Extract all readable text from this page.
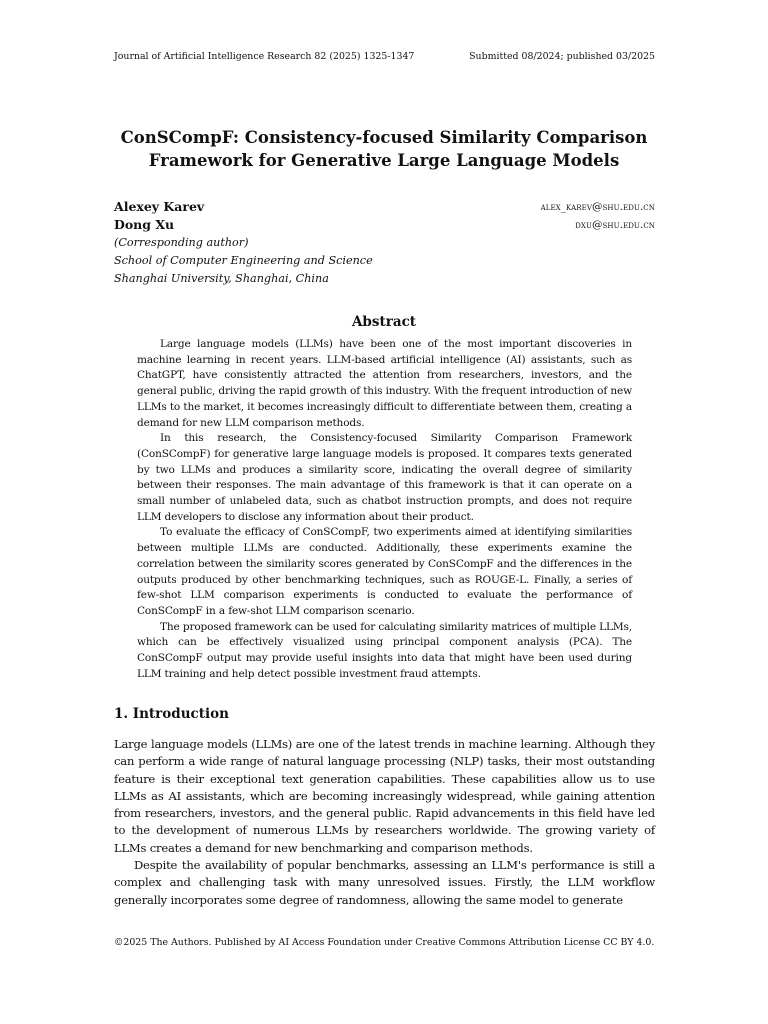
Journal of Artificial Intelligence Research 82 (2025) 1325-1347	Submitted 08/2024; published 03/2025
ConSCompF: Consistency-focused Similarity Comparison
Framework for Generative Large Language Models
Alexey Karev	alex_karev@shu.edu.cn
Dong Xu	dxu@shu.edu.cn
(Corresponding author)
School of Computer Engineering and Science
Shanghai University, Shanghai, China
Abstract

Large language models (LLMs) have been one of the most important discoveries in machine learning in recent years. LLM-based artificial intelligence (AI) assistants, such as ChatGPT, have consistently attracted the attention from researchers, investors, and the general public, driving the rapid growth of this industry. With the frequent introduction of new LLMs to the market, it becomes increasingly difficult to differentiate between them, creating a demand for new LLM comparison methods.

In this research, the Consistency-focused Similarity Comparison Framework (ConSCompF) for generative large language models is proposed. It compares texts generated by two LLMs and produces a similarity score, indicating the overall degree of similarity between their responses. The main advantage of this framework is that it can operate on a small number of unlabeled data, such as chatbot instruction prompts, and does not require LLM developers to disclose any information about their product.

To evaluate the efficacy of ConSCompF, two experiments aimed at identifying similarities between multiple LLMs are conducted. Additionally, these experiments examine the correlation between the similarity scores generated by ConSCompF and the differences in the outputs produced by other benchmarking techniques, such as ROUGE-L. Finally, a series of few-shot LLM comparison experiments is conducted to evaluate the performance of ConSCompF in a few-shot LLM comparison scenario.

The proposed framework can be used for calculating similarity matrices of multiple LLMs, which can be effectively visualized using principal component analysis (PCA). The ConSCompF output may provide useful insights into data that might have been used during LLM training and help detect possible investment fraud attempts.

1. Introduction

Large language models (LLMs) are one of the latest trends in machine learning. Although they can perform a wide range of natural language processing (NLP) tasks, their most outstanding feature is their exceptional text generation capabilities. These capabilities allow us to use LLMs as AI assistants, which are becoming increasingly widespread, while gaining attention from researchers, investors, and the general public. Rapid advancements in this field have led to the development of numerous LLMs by researchers worldwide. The growing variety of LLMs creates a demand for new benchmarking and comparison methods.

Despite the availability of popular benchmarks, assessing an LLM's performance is still a complex and challenging task with many unresolved issues. Firstly, the LLM workflow generally incorporates some degree of randomness, allowing the same model to generate

©2025 The Authors. Published by AI Access Foundation under Creative Commons Attribution License CC BY 4.0.
